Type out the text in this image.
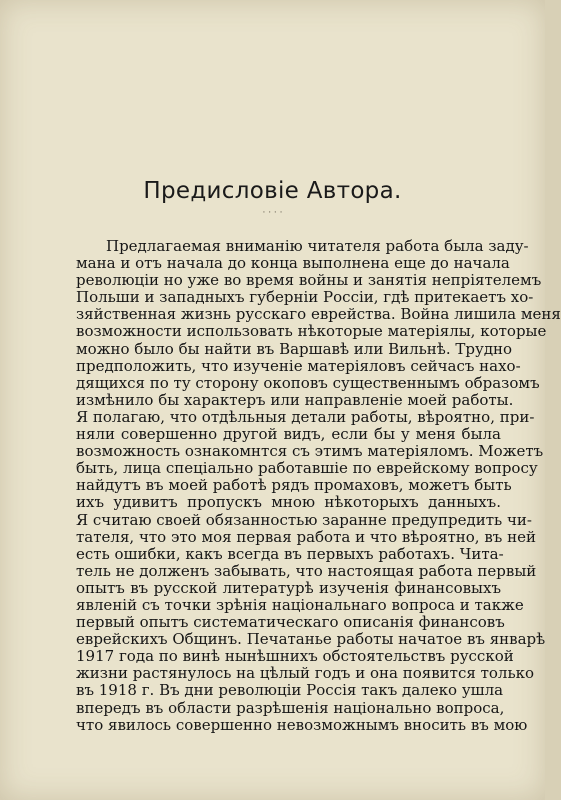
Предисловіе Автора.
· · · ·
Предлагаемая вниманію читателя работа была заду-
мана и отъ начала до конца выполнена еще до начала
революціи но уже во время войны и занятія непріятелемъ
Польши и западныхъ губерніи Россіи, гдѣ притекаетъ хо-
зяйственная жизнь русскаго еврейства. Война лишила меня
возможности использовать нѣкоторые матеріялы, которые
можно было бы найти въ Варшавѣ или Вильнѣ. Трудно
предположить, что изученіе матеріяловъ сейчасъ нахо-
дящихся по ту сторону окоповъ существеннымъ образомъ
измѣнило бы характеръ или направленіе моей работы.
Я полагаю, что отдѣльныя детали работы, вѣроятно, при-
няли совершенно другой видъ, если бы у меня была
возможность ознакомнтся съ этимъ матеріяломъ. Можетъ
быть, лица спеціально работавшіе по еврейскому вопросу
найдутъ въ моей работѣ рядъ промаховъ, можетъ быть
ихъ удивитъ пропускъ мною нѣкоторыхъ данныхъ.
Я считаю своей обязанностью заранне предупредить чи-
тателя, что это моя первая работа и что вѣроятно, въ ней
есть ошибки, какъ всегда въ первыхъ работахъ. Чита-
тель не долженъ забывать, что настоящая работа первый
опытъ въ русской литературѣ изученія финансовыхъ
явленій съ точки зрѣнія національнаго вопроса и также
первый опытъ систематическаго описанія финансовъ
еврейскихъ Общинъ. Печатанье работы начатое въ январѣ
1917 года по винѣ нынѣшнихъ обстоятельствъ русской
жизни растянулось на цѣлый годъ и она появится только
въ 1918 г. Въ дни революціи Россія такъ далеко ушла
впередъ въ области разрѣшенія національно вопроса,
что явилось совершенно невозможнымъ вносить въ мою
